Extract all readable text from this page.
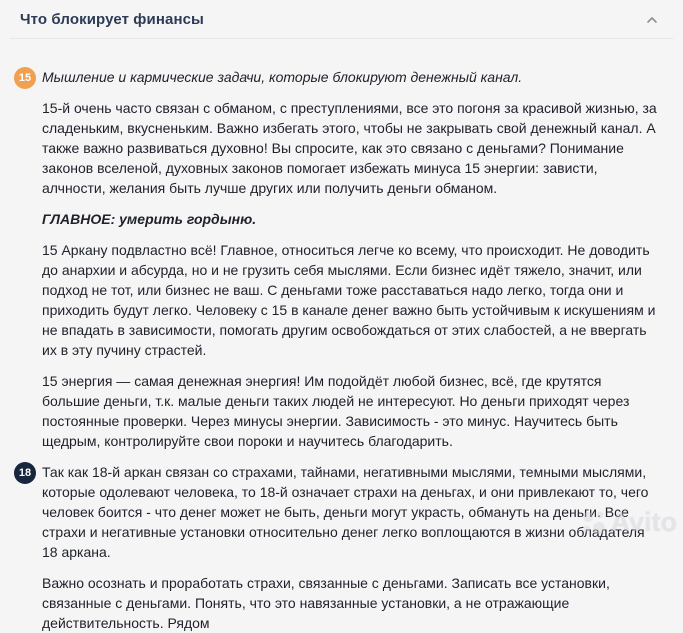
Что блокирует финансы
15 Мышление и кармические задачи, которые блокируют денежный канал.

15-й очень часто связан с обманом, с преступлениями, все это погоня за красивой жизнью, за сладеньким, вкусненьким. Важно избегать этого, чтобы не закрывать свой денежный канал. А также важно развиваться духовно! Вы спросите, как это связано с деньгами? Понимание законов вселеной, духовных законов помогает избежать минуса 15 энергии: зависти, алчности, желания быть лучше других или получить деньги обманом.

ГЛАВНОЕ: умерить гордыню.

15 Аркану подвластно всё! Главное, относиться легче ко всему, что происходит. Не доводить до анархии и абсурда, но и не грузить себя мыслями. Если бизнес идёт тяжело, значит, или подход не тот, или бизнес не ваш. С деньгами тоже расставаться надо легко, тогда они и приходить будут легко. Человеку с 15 в канале денег важно быть устойчивым к искушениям и не впадать в зависимости, помогать другим освобождаться от этих слабостей, а не ввергать их в эту пучину страстей.

15 энергия — самая денежная энергия! Им подойдёт любой бизнес, всё, где крутятся большие деньги, т.к. малые деньги таких людей не интересуют. Но деньги приходят через постоянные проверки. Через минусы энергии. Зависимость - это минус. Научитесь быть щедрым, контролируйте свои пороки и научитесь благодарить.

18 Так как 18-й аркан связан со страхами, тайнами, негативными мыслями, темными мыслями, которые одолевают человека, то 18-й означает страхи на деньгах, и они привлекают то, чего человек боится - что денег может не быть, деньги могут украсть, обмануть на деньги. Все страхи и негативные установки относительно денег легко воплощаются в жизни обладателя 18 аркана.

Важно осознать и проработать страхи, связанные с деньгами. Записать все установки, связанные с деньгами. Понять, что это навязанные установки, а не отражающие действительность. Рядом

Avito
